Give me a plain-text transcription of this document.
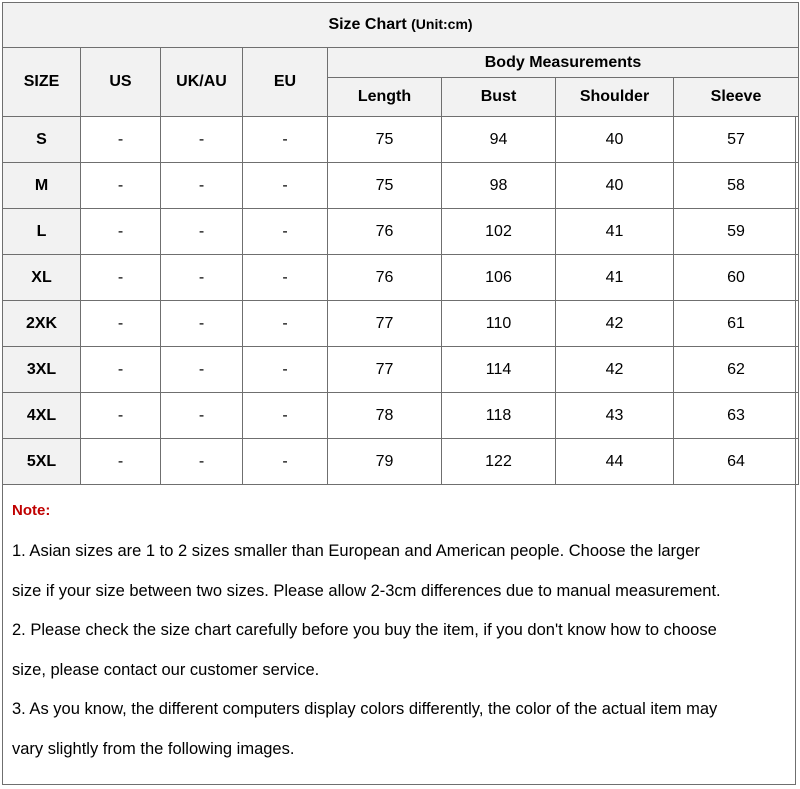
Size Chart (Unit:cm)							
SIZE	US	UK/AU	EU	Body Measurements			
				Length	Bust	Shoulder	Sleeve
S	-	-	-	75	94	40	57
M	-	-	-	75	98	40	58
L	-	-	-	76	102	41	59
XL	-	-	-	76	106	41	60
2XK	-	-	-	77	110	42	61
3XL	-	-	-	77	114	42	62
4XL	-	-	-	78	118	43	63
5XL	-	-	-	79	122	44	64

Note:

1. Asian sizes are 1 to 2 sizes smaller than European and American people. Choose the larger

size if your size between two sizes. Please allow 2-3cm differences due to manual measurement.

2. Please check the size chart carefully before you buy the item, if you don't know how to choose

size, please contact our customer service.

3. As you know, the different computers display colors differently, the color of the actual item may

vary slightly from the following images.
